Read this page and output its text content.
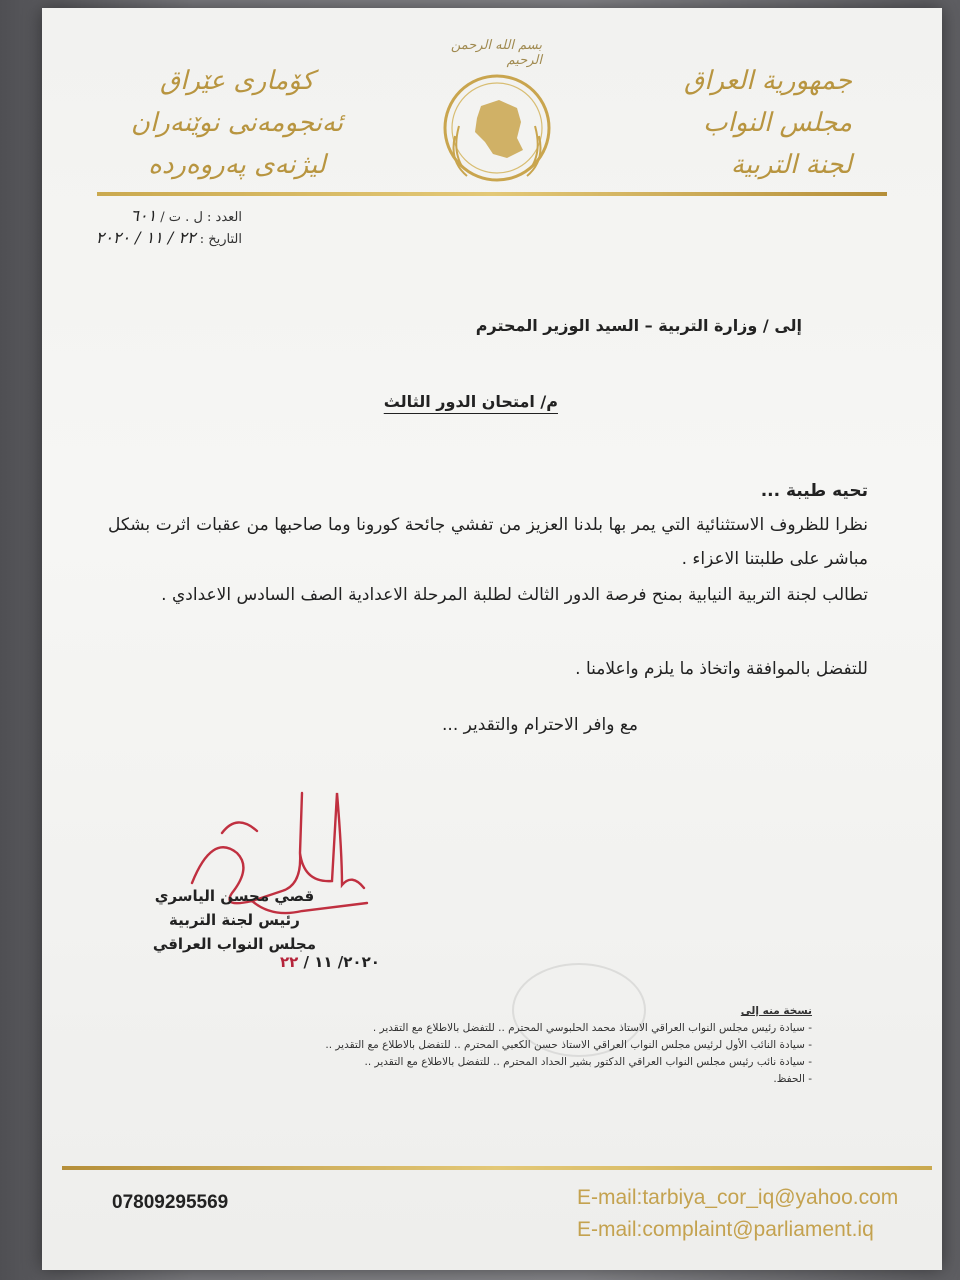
جمهورية العراق
مجلس النواب
لجنة التربية
بسم الله الرحمن الرحيم
كۆماری عێراق
ئەنجومەنی نوێنەران
لیژنەی پەروەردە
العدد : ل . ت / ٦٠١
التاريخ : ٢٢ / ١١ / ٢٠٢٠
إلى / وزارة التربية – السيد الوزير المحترم
م/ امتحان الدور الثالث
تحيه طيبة ...
نظرا للظروف الاستثنائية التي يمر بها بلدنا العزيز من تفشي جائحة كورونا وما صاحبها من عقبات اثرت بشكل مباشر على طلبتنا الاعزاء .
تطالب لجنة التربية النيابية بمنح فرصة الدور الثالث لطلبة المرحلة الاعدادية الصف السادس الاعدادي .
للتفضل بالموافقة واتخاذ ما يلزم واعلامنا .
مع وافر الاحترام والتقدير ...
قصي محسن الياسري
رئيس لجنة التربية
مجلس النواب العراقي
٢٠٢٠/ ١١ / ٢٢
نسخة منه إلى
- سيادة رئيس مجلس النواب العراقي الاستاذ محمد الحلبوسي المحترم .. للتفضل بالاطلاع مع التقدير .
- سيادة النائب الأول لرئيس مجلس النواب العراقي الاستاذ حسن الكعبي المحترم .. للتفضل بالاطلاع مع التقدير ..
- سيادة نائب رئيس مجلس النواب العراقي الدكتور بشير الحداد المحترم .. للتفضل بالاطلاع مع التقدير ..
- الحفظ.
07809295569	E-mail:tarbiya_cor_iq@yahoo.com
E-mail:complaint@parliament.iq
